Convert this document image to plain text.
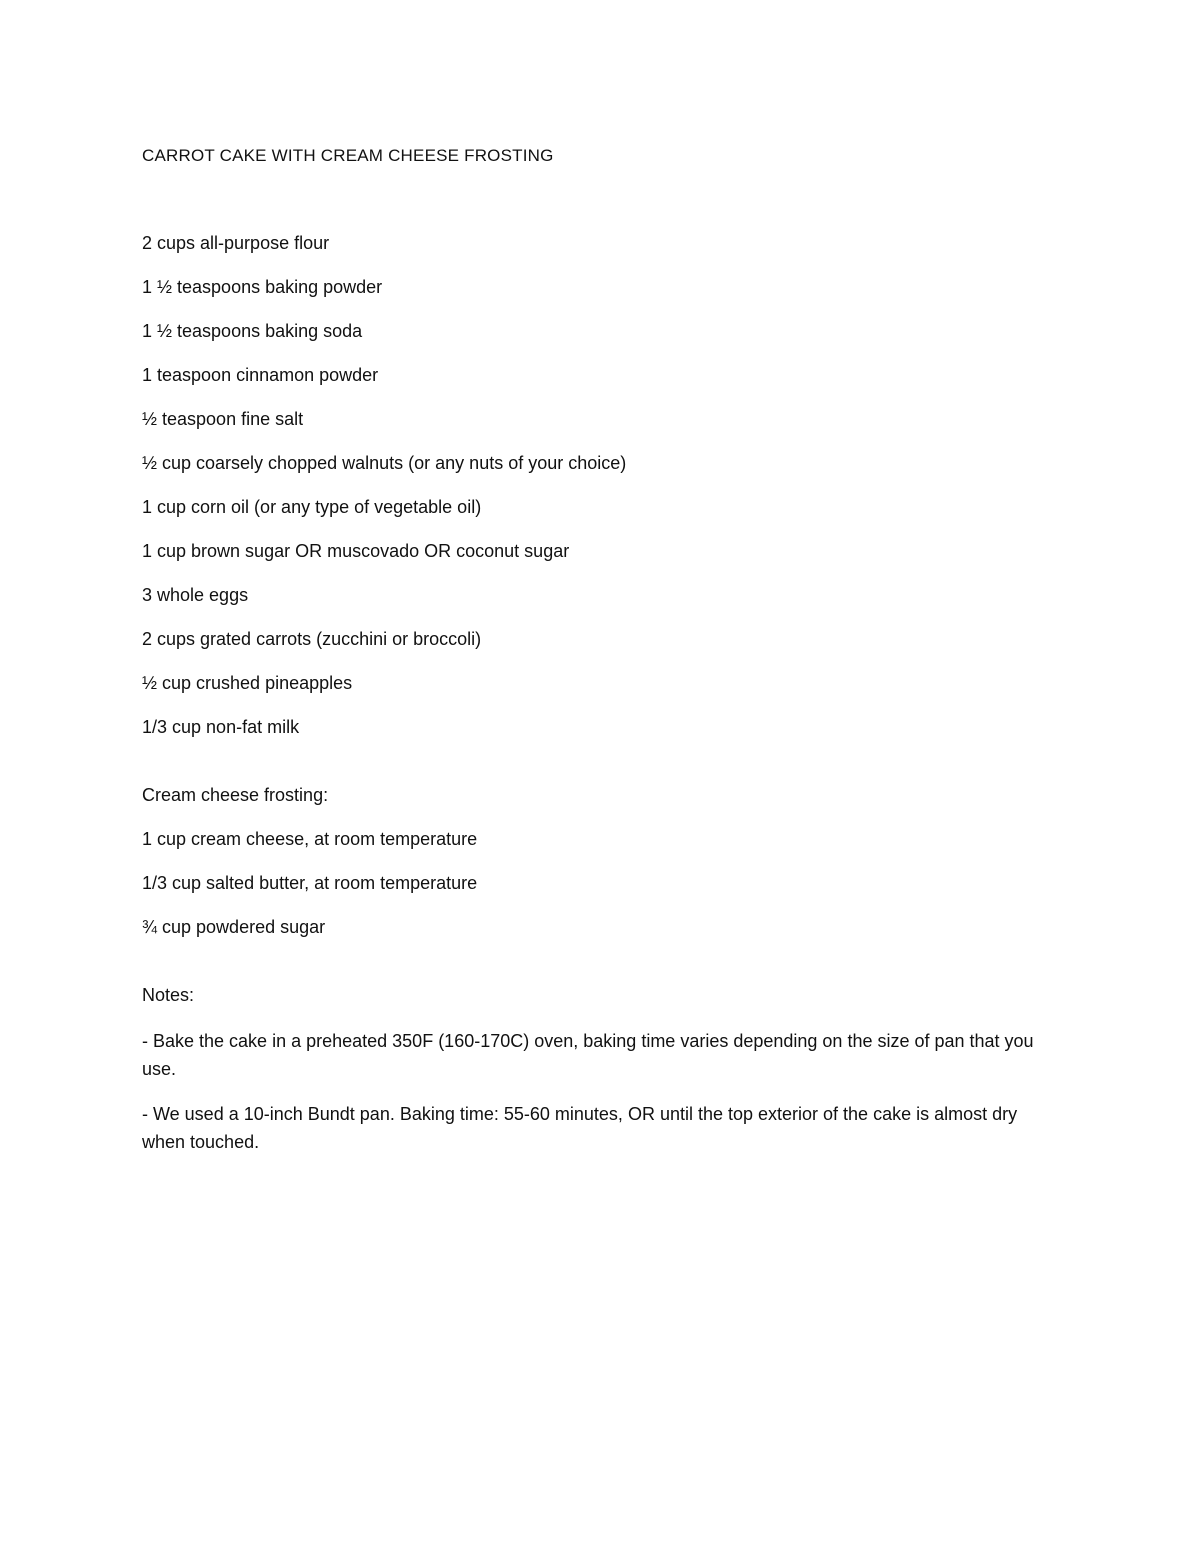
CARROT CAKE WITH CREAM CHEESE FROSTING

2 cups all-purpose flour

1 ½ teaspoons baking powder

1 ½ teaspoons baking soda

1 teaspoon cinnamon powder

½ teaspoon fine salt

½ cup coarsely chopped walnuts (or any nuts of your choice)

1 cup corn oil (or any type of vegetable oil)

1 cup brown sugar OR muscovado OR coconut sugar

3 whole eggs

2 cups grated carrots (zucchini or broccoli)

½ cup crushed pineapples

1/3 cup non-fat milk

Cream cheese frosting:

1 cup cream cheese, at room temperature

1/3 cup salted butter, at room temperature

¾ cup powdered sugar

Notes:

- Bake the cake in a preheated 350F (160-170C) oven, baking time varies depending on the size of pan that you use.

- We used a 10-inch Bundt pan. Baking time: 55-60 minutes, OR until the top exterior of the cake is almost dry when touched.
